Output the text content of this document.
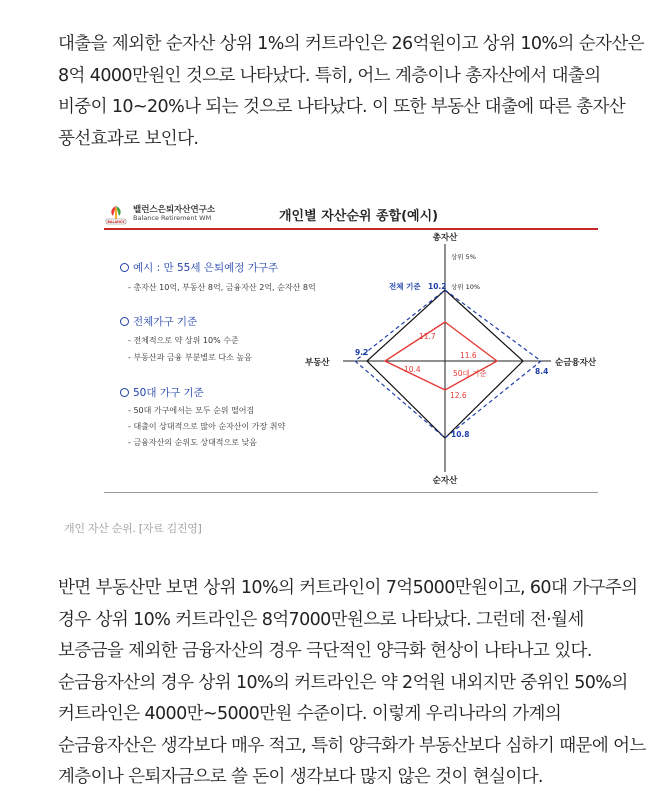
대출을 제외한 순자산 상위 1%의 커트라인은 26억원이고 상위 10%의 순자산은
8억 4000만원인 것으로 나타났다. 특히, 어느 계층이나 총자산에서 대출의
비중이 10~20%나 되는 것으로 나타났다. 이 또한 부동산 대출에 따른 총자산
풍선효과로 보인다.
BALANCE
밸런스은퇴자산연구소
Balance Retirement WM	개인별 자산순위 종합(예시)
예시 : 만 55세 은퇴예정 가구주
- 총자산 10억, 부동산 8억, 금융자산 2억, 순자산 8억
전체가구 기준
- 전체적으로 약 상위 10% 수준
- 부동산과 금융 부분별로 다소 높음
50대 가구 기준
- 50대 가구에서는 모두 순위 떨어짐
- 대출이 상대적으로 많아 순자산이 가장 취약
- 금융자산의 순위도 상대적으로 낮음
총자산
순금융자산
순자산
부동산
상위 5%
상위 10%
전체 기준 10.2
8.4
10.8
9.2
11.7
11.6
12.6
10.4	50대 기준
개인 자산 순위. [자료 김진영]
반면 부동산만 보면 상위 10%의 커트라인이 7억5000만원이고, 60대 가구주의
경우 상위 10% 커트라인은 8억7000만원으로 나타났다. 그런데 전·월세
보증금을 제외한 금융자산의 경우 극단적인 양극화 현상이 나타나고 있다.
순금융자산의 경우 상위 10%의 커트라인은 약 2억원 내외지만 중위인 50%의
커트라인은 4000만~5000만원 수준이다. 이렇게 우리나라의 가계의
순금융자산은 생각보다 매우 적고, 특히 양극화가 부동산보다 심하기 때문에 어느
계층이나 은퇴자금으로 쓸 돈이 생각보다 많지 않은 것이 현실이다.
